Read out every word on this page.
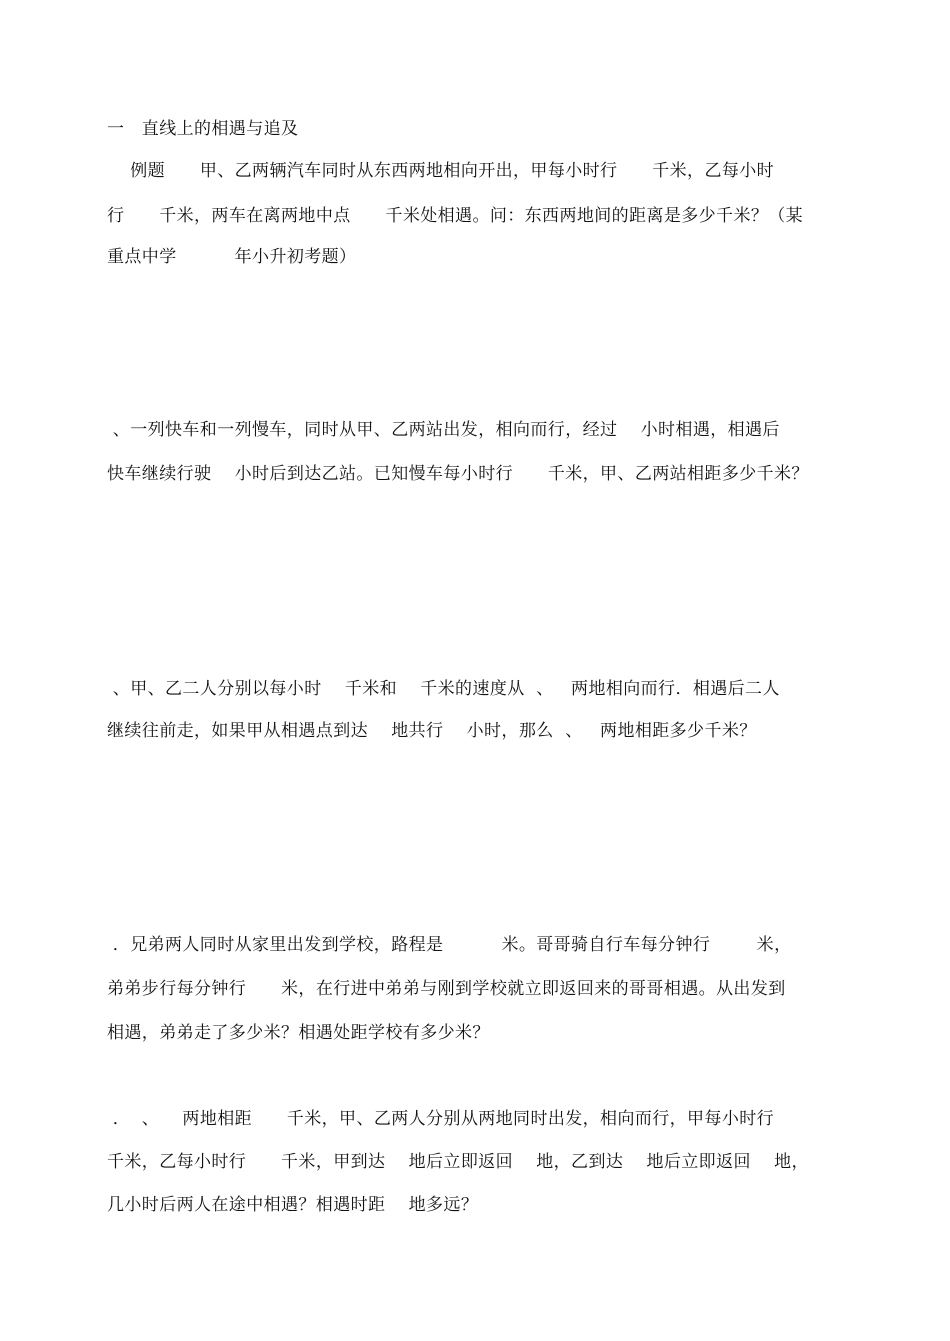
一   直线上的相遇与追及
例题      甲、乙两辆汽车同时从东西两地相向开出，甲每小时行      千米，乙每小时
行      千米，两车在离两地中点      千米处相遇。问：东西两地间的距离是多少千米？（某
重点中学          年小升初考题）
、一列快车和一列慢车，同时从甲、乙两站出发，相向而行，经过    小时相遇，相遇后
快车继续行驶    小时后到达乙站。已知慢车每小时行      千米，甲、乙两站相距多少千米？
、甲、乙二人分别以每小时    千米和    千米的速度从  、   两地相向而行．相遇后二人
继续往前走，如果甲从相遇点到达    地共行    小时，那么  、   两地相距多少千米？
．兄弟两人同时从家里出发到学校，路程是          米。哥哥骑自行车每分钟行        米，
弟弟步行每分钟行      米，在行进中弟弟与刚到学校就立即返回来的哥哥相遇。从出发到
相遇，弟弟走了多少米？相遇处距学校有多少米？
．  、    两地相距      千米，甲、乙两人分别从两地同时出发，相向而行，甲每小时行
千米，乙每小时行      千米，甲到达    地后立即返回    地，乙到达    地后立即返回    地，
几小时后两人在途中相遇？相遇时距    地多远？
